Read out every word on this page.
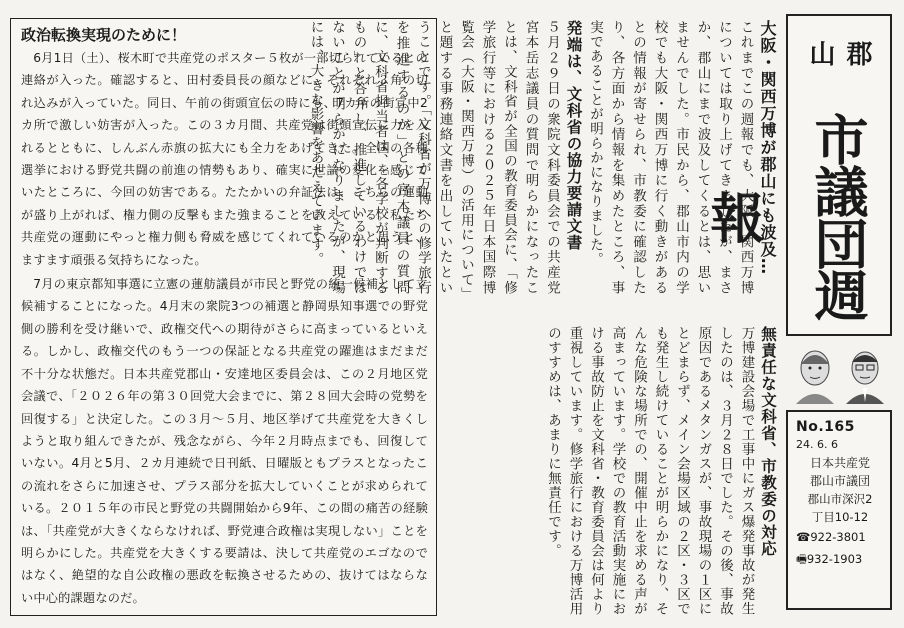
政治転換実現のために！

6月1日（土）、桜木町で共産党のポスター５枚が一部切られているとの連絡が入った。確認すると、田村委員長の顔などに、それぞれ３角の切れ込みが入っていた。同日、午前の街頭宣伝の時にも、7カ所の街宣中2カ所で激しい妨害が入った。この３カ月間、共産党は街頭宣伝に力を入れるとともに、しんぶん赤旗の拡大にも全力をあげてきた。全国の各種選挙における野党共闘の前進の情勢もあり、確実に世論の変化を感じていたところに、今回の妨害である。たたかいの弁証法は、こちらの運動が盛り上がれば、権力側の反撃もまた強まることを教えている。私たち共産党の運動にやっと権力側も脅威を感じてくれているのかと思うと、ますます頑張る気持ちになった。

7月の東京都知事選に立憲の蓮舫議員が市民と野党の統一候補として立候補することになった。4月末の衆院3つの補選と静岡県知事選での野党側の勝利を受け継いで、政権交代への期待がさらに高まっているといえる。しかし、政権交代のもう一つの保証となる共産党の躍進はまだまだ不十分な状態だ。日本共産党郡山・安達地区委員会は、この２月地区党会議で、「２０２６年の第３０回党大会までに、第２８回大会時の党勢を回復する」と決定した。この３月〜５月、地区挙げて共産党を大きくしようと取り組んできたが、残念ながら、今年２月時点までも、回復していない。4月と5月、２カ月連続で日刊紙、日曜版ともプラスとなったこの流れをさらに加速させ、プラス部分を拡大していくことが求められている。２０１５年の市民と野党の共闘開始から9年、この間の痛苦の経験は、「共産党が大きくならなければ、野党連合政権は実現しない」ことを明らかにした。共産党を大きくする要請は、決して共産党のエゴなのではなく、絶望的な自公政権の悪政を転換させるための、抜けてはならない中心的課題なのだ。

大阪・関西万博が郡山にも波及…
これまでこの週報でも、大阪・関西万博については取り上げてきましたが、まさか、郡山にまで波及してくるとは、思いませんでした。市民から、郡山市内の学校でも大阪・関西万博に行く動きがあるとの情報が寄せられ、市教委に確認したり、各方面から情報を集めたところ、事実であることが明らかになりました。
発端は、文科省の協力要請文書
５月２９日の衆院文科委員会での共産党宮本岳志議員の質問で明らかになったことは、文科省が全国の教育委員会に、「修学旅行等における２０２５年日本国際博覧会（大阪・関西万博）の活用について」と題する事務連絡文書を出していたということです。「文科省が万博への修学旅行を推進するのか」との宮本議員の質問に、文科省担当者は、「各学校が判断するもの」と答弁し、推進しているわけではないことが明らかになりましたが、現場には、大きな影響をあたえています。
無責任な文科省、市教委の対応
万博建設会場で工事中にガス爆発事故が発生したのは、３月２８日でした。その後、事故原因であるメタンガスが、事故現場の１区にとどまらず、メイン会場区域の２区・３区でも発生し続けていることが明らかになり、そんな危険な場所での、開催中止を求める声が高まっています。学校での教育活動実施における事故防止を文科省・教育委員会は何より重視しています。修学旅行における万博活用のすすめは、あまりに無責任です。
郡山
市議団週報
No.165
24. 6. 6
日本共産党
郡山市議団
郡山市深沢2
丁目10-12
☎922-3801
🖷932-1903
